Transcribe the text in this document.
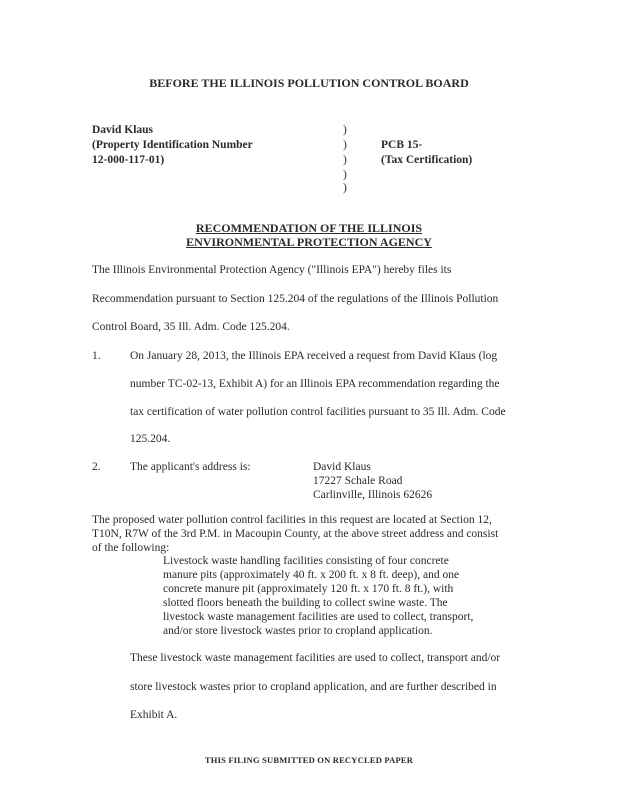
BEFORE THE ILLINOIS POLLUTION CONTROL BOARD
David Klaus
(Property Identification Number
12-000-117-01)
)
)
)
)
)
PCB 15-
(Tax Certification)
RECOMMENDATION OF THE ILLINOIS
ENVIRONMENTAL PROTECTION AGENCY
The Illinois Environmental Protection Agency ("Illinois EPA") hereby files its
Recommendation pursuant to Section 125.204 of the regulations of the Illinois Pollution
Control Board, 35 Ill. Adm. Code 125.204.
1.	On January 28, 2013, the Illinois EPA received a request from David Klaus (log
number TC-02-13, Exhibit A) for an Illinois EPA recommendation regarding the
tax certification of water pollution control facilities pursuant to 35 Ill. Adm. Code
125.204.
2.	The applicant's address is:	David Klaus
17227 Schale Road
Carlinville, Illinois 62626
The proposed water pollution control facilities in this request are located at Section 12,
T10N, R7W of the 3rd P.M. in Macoupin County, at the above street address and consist
of the following:
Livestock waste handling facilities consisting of four concrete
manure pits (approximately 40 ft. x 200 ft. x 8 ft. deep), and one
concrete manure pit (approximately 120 ft. x 170 ft. 8 ft.), with
slotted floors beneath the building to collect swine waste. The
livestock waste management facilities are used to collect, transport,
and/or store livestock wastes prior to cropland application.
These livestock waste management facilities are used to collect, transport and/or
store livestock wastes prior to cropland application, and are further described in
Exhibit A.
THIS FILING SUBMITTED ON RECYCLED PAPER
